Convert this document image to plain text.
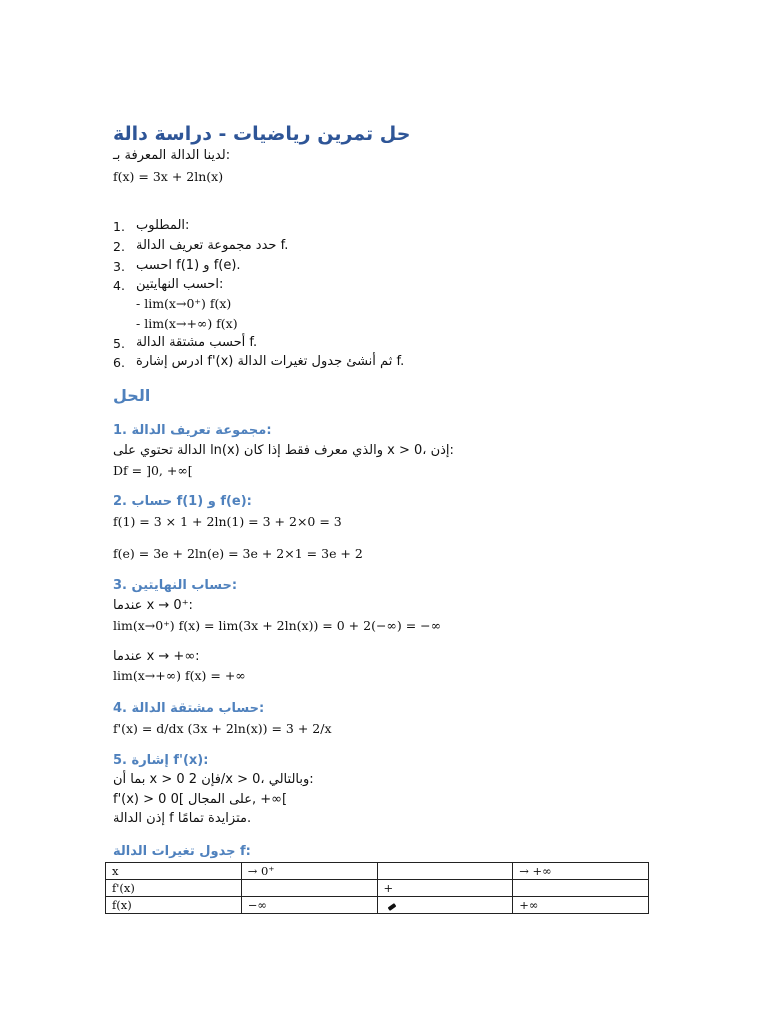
حل تمرين رياضيات - دراسة دالة
لدينا الدالة المعرفة بـ:
f(x) = 3x + 2ln(x)
1. المطلوب:
2. حدد مجموعة تعريف الدالة f.
3. احسب f(1) و f(e).
4. احسب النهايتين:
- lim(x→0⁺) f(x)
- lim(x→+∞) f(x)
5. أحسب مشتقة الدالة f.
6. ادرس إشارة f'(x) ثم أنشئ جدول تغيرات الدالة f.
الحل
1. مجموعة تعريف الدالة:
الدالة تحتوي على ln(x) والذي معرف فقط إذا كان x > 0، إذن:
Df = ]0, +∞[
2. حساب f(1) و f(e):
f(1) = 3 × 1 + 2ln(1) = 3 + 2×0 = 3
f(e) = 3e + 2ln(e) = 3e + 2×1 = 3e + 2
3. حساب النهايتين:
عندما x → 0⁺:
lim(x→0⁺) f(x) = lim(3x + 2ln(x)) = 0 + 2(−∞) = −∞
عندما x → +∞:
lim(x→+∞) f(x) = +∞
4. حساب مشتقة الدالة:
f'(x) = d/dx (3x + 2ln(x)) = 3 + 2/x
5. إشارة f'(x):
بما أن x > 0 فإن 2/x > 0، وبالتالي:
f'(x) > 0 على المجال ]0, +∞[
إذن الدالة f متزايدة تمامًا.
جدول تغيرات الدالة f:
x	→ 0⁺		→ +∞
f'(x)		+	
f(x)	−∞		+∞
